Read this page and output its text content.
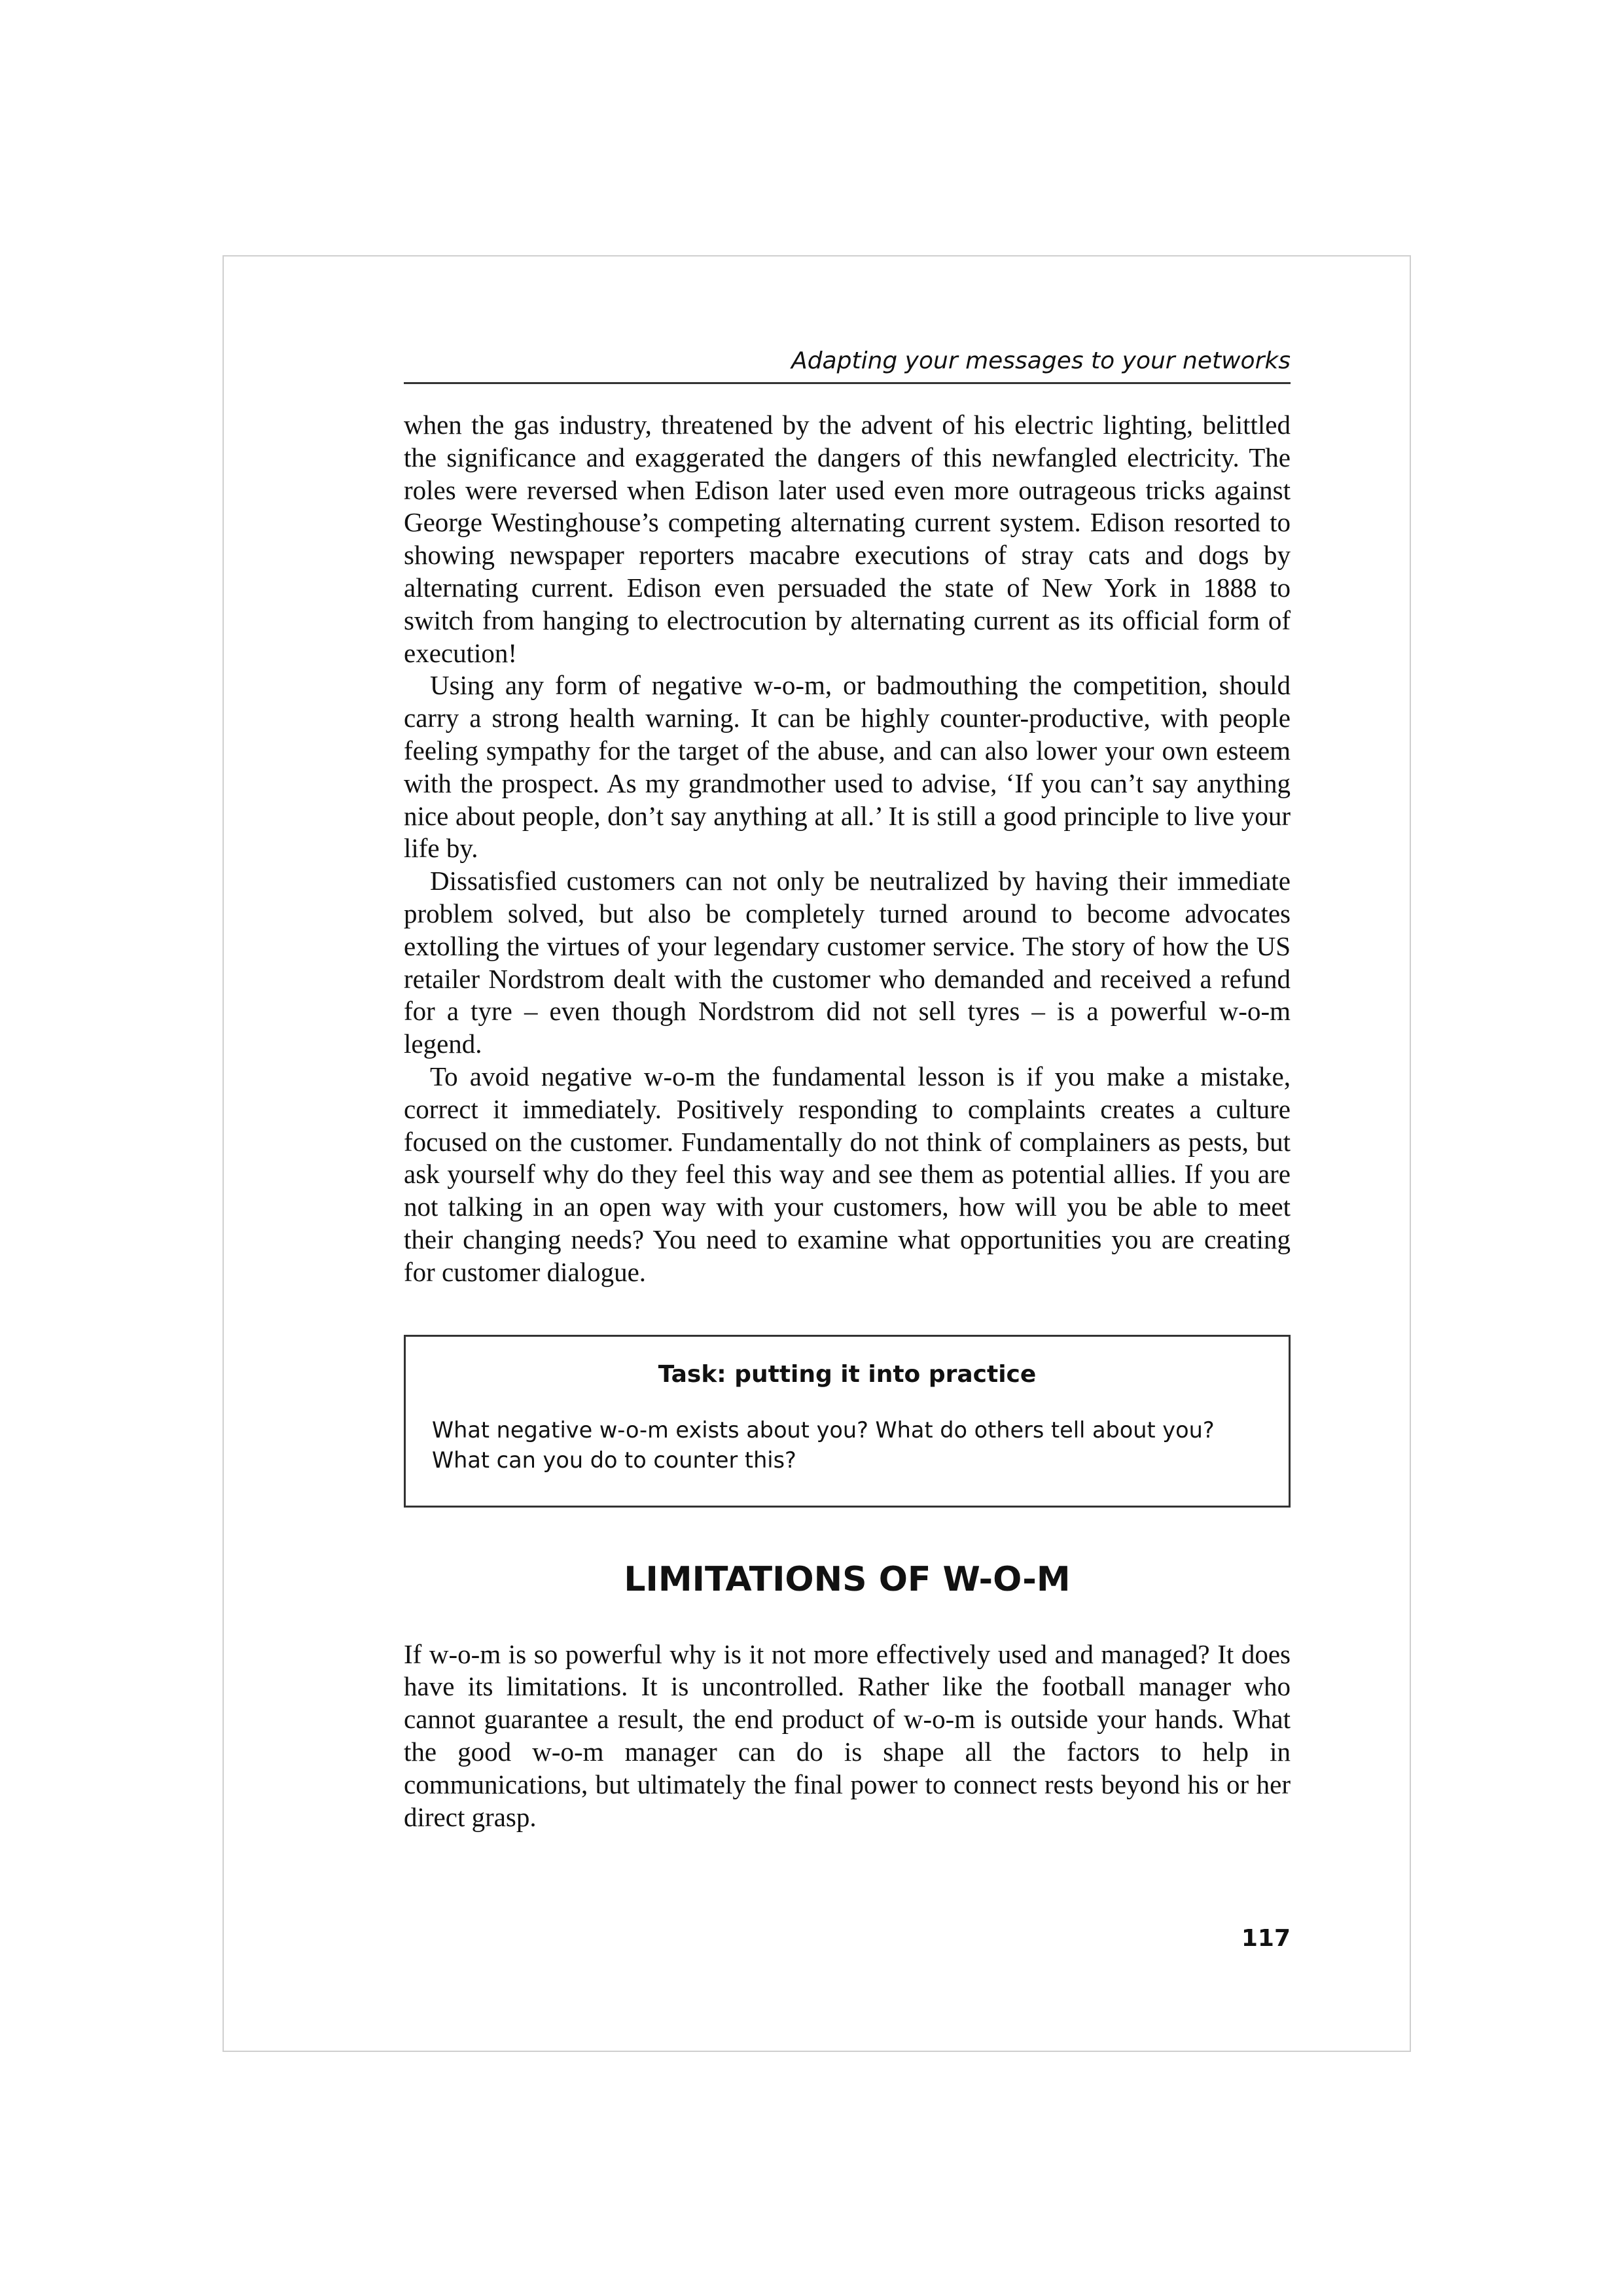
Adapting your messages to your networks

when the gas industry, threatened by the advent of his electric lighting, belittled the significance and exaggerated the dangers of this newfangled electricity. The roles were reversed when Edison later used even more outrageous tricks against George Westinghouse’s competing alternating current system. Edison resorted to showing newspaper reporters macabre executions of stray cats and dogs by alternating current. Edison even persuaded the state of New York in 1888 to switch from hanging to electrocution by alternating current as its official form of execution!

Using any form of negative w-o-m, or badmouthing the competition, should carry a strong health warning. It can be highly counter-productive, with people feeling sympathy for the target of the abuse, and can also lower your own esteem with the prospect. As my grandmother used to advise, ‘If you can’t say anything nice about people, don’t say anything at all.’ It is still a good principle to live your life by.

Dissatisfied customers can not only be neutralized by having their immediate problem solved, but also be completely turned around to become advocates extolling the virtues of your legendary customer service. The story of how the US retailer Nordstrom dealt with the customer who demanded and received a refund for a tyre – even though Nordstrom did not sell tyres – is a powerful w-o-m legend.

To avoid negative w-o-m the fundamental lesson is if you make a mistake, correct it immediately. Positively responding to complaints creates a culture focused on the customer. Fundamentally do not think of complainers as pests, but ask yourself why do they feel this way and see them as potential allies. If you are not talking in an open way with your customers, how will you be able to meet their changing needs? You need to examine what opportunities you are creating for customer dialogue.

Task: putting it into practice
What negative w-o-m exists about you? What do others tell about you? What can you do to counter this?
LIMITATIONS OF W-O-M

If w-o-m is so powerful why is it not more effectively used and managed? It does have its limitations. It is uncontrolled. Rather like the football manager who cannot guarantee a result, the end product of w-o-m is outside your hands. What the good w-o-m manager can do is shape all the factors to help in communications, but ultimately the final power to connect rests beyond his or her direct grasp.

117
